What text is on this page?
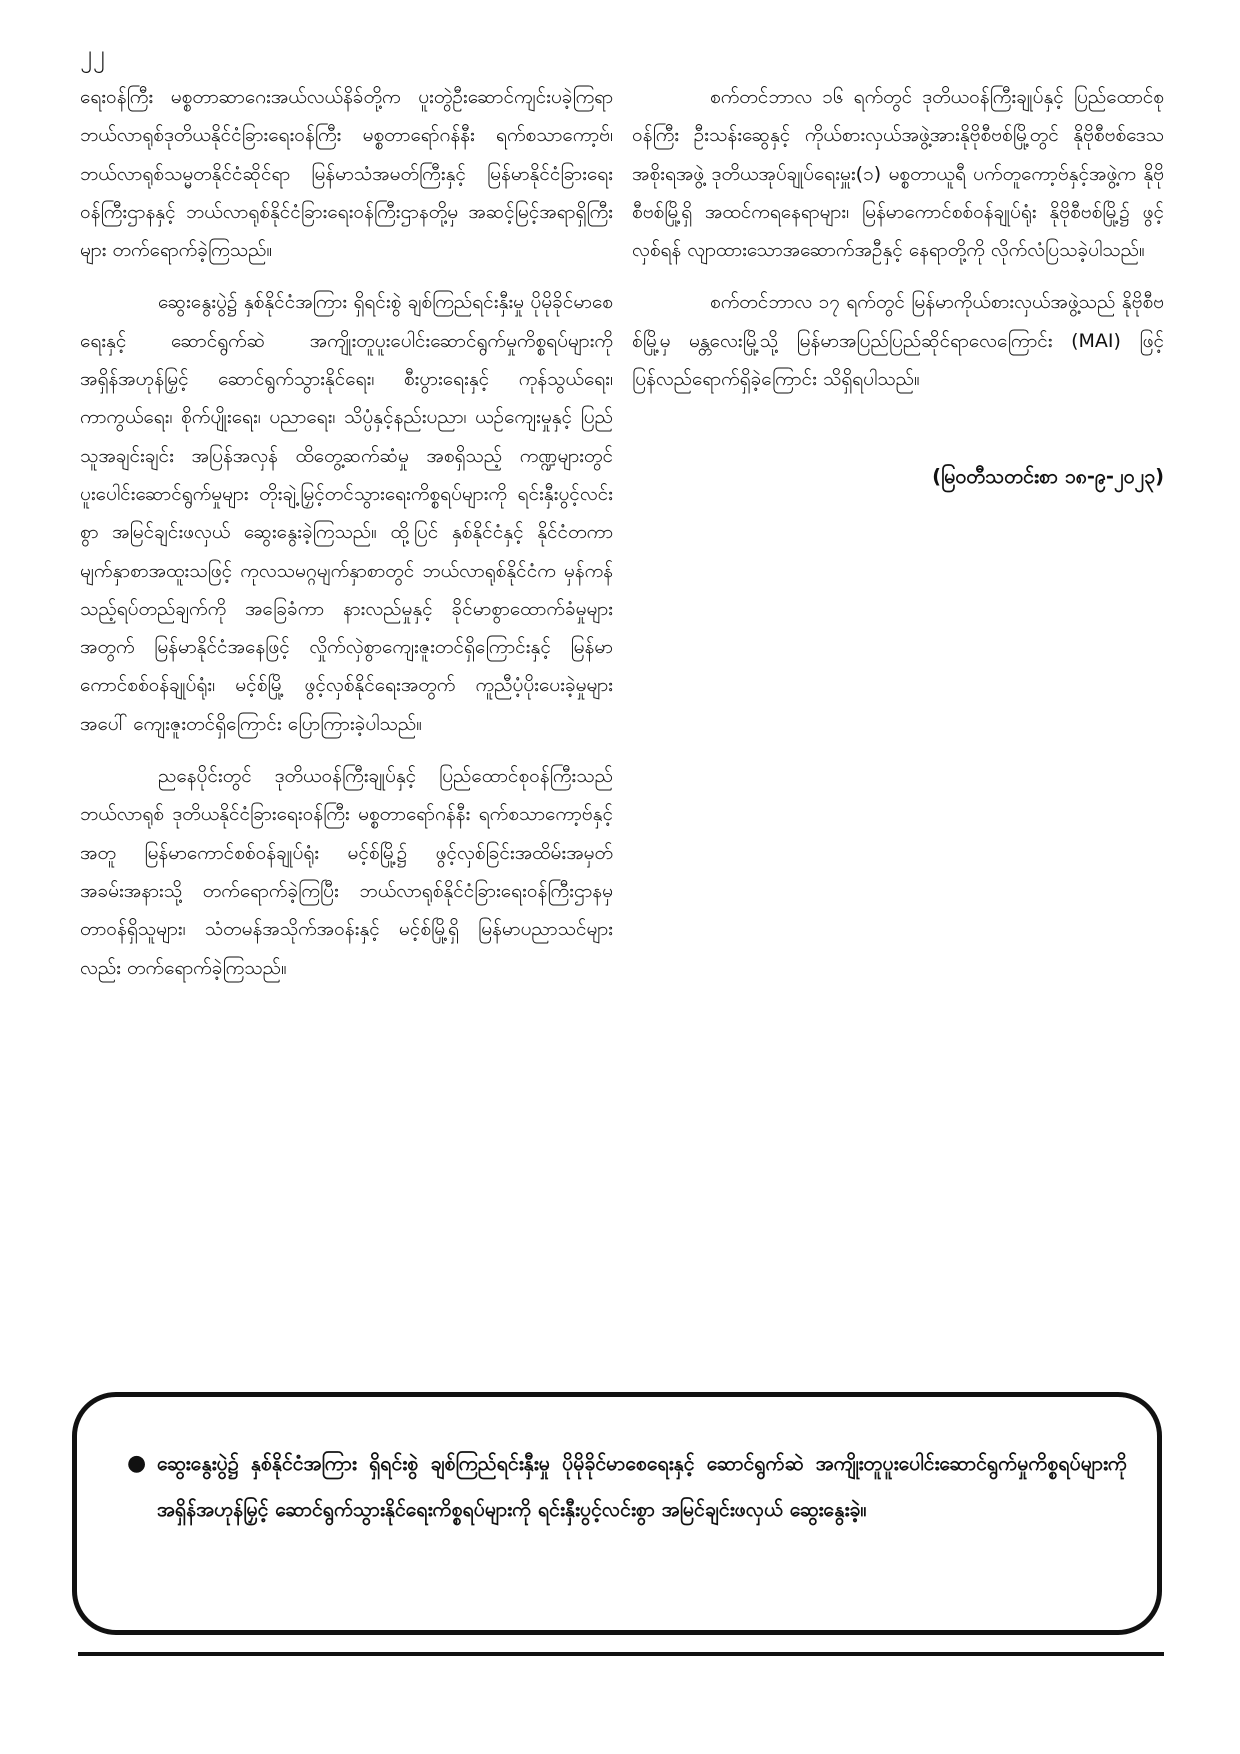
၂၂

ရေးဝန်ကြီး မစ္စတာဆာဂေးအယ်လယ်နိခ်တို့က ပူးတွဲဦးဆောင်ကျင်းပခဲ့ကြရာ ဘယ်လာရုစ်ဒုတိယနိုင်ငံခြားရေးဝန်ကြီး မစ္စတာရော်ဂန်နီး ရက်စသာကော့ဗ်၊ ဘယ်လာရုစ်သမ္မတနိုင်ငံဆိုင်ရာ မြန်မာသံအမတ်ကြီးနှင့် မြန်မာနိုင်ငံခြားရေးဝန်ကြီးဌာနနှင့် ဘယ်လာရုစ်နိုင်ငံခြားရေးဝန်ကြီးဌာနတို့မှ အဆင့်မြင့်အရာရှိကြီးများ တက်ရောက်ခဲ့ကြသည်။

ဆွေးနွေးပွဲ၌ နှစ်နိုင်ငံအကြား ရှိရင်းစွဲ ချစ်ကြည်ရင်းနှီးမှု ပိုမိုခိုင်မာစေရေးနှင့် ဆောင်ရွက်ဆဲ အကျိုးတူပူးပေါင်းဆောင်ရွက်မှုကိစ္စရပ်များကို အရှိန်အဟုန်မြှင့် ဆောင်ရွက်သွားနိုင်ရေး၊ စီးပွားရေးနှင့် ကုန်သွယ်ရေး၊ ကာကွယ်ရေး၊ စိုက်ပျိုးရေး၊ ပညာရေး၊ သိပ္ပံနှင့်နည်းပညာ၊ ယဉ်ကျေးမှုနှင့် ပြည်သူအချင်းချင်း အပြန်အလှန် ထိတွေ့ဆက်ဆံမှု အစရှိသည့် ကဏ္ဍများတွင် ပူးပေါင်းဆောင်ရွက်မှုများ တိုးချဲ့မြှင့်တင်သွားရေးကိစ္စရပ်များကို ရင်းနှီးပွင့်လင်းစွာ အမြင်ချင်းဖလှယ် ဆွေးနွေးခဲ့ကြသည်။ ထို့ပြင် နှစ်နိုင်ငံနှင့် နိုင်ငံတကာမျက်နှာစာအထူးသဖြင့် ကုလသမဂ္ဂမျက်နှာစာတွင် ဘယ်လာရုစ်နိုင်ငံက မှန်ကန်သည့်ရပ်တည်ချက်ကို အခြေခံကာ နားလည်မှုနှင့် ခိုင်မာစွာထောက်ခံမှုများအတွက် မြန်မာနိုင်ငံအနေဖြင့် လှိုက်လှဲစွာကျေးဇူးတင်ရှိကြောင်းနှင့် မြန်မာကောင်စစ်ဝန်ချုပ်ရုံး၊ မင့်စ်မြို့ ဖွင့်လှစ်နိုင်ရေးအတွက် ကူညီပံ့ပိုးပေးခဲ့မှုများအပေါ် ကျေးဇူးတင်ရှိကြောင်း ပြောကြားခဲ့ပါသည်။

ညနေပိုင်းတွင် ဒုတိယဝန်ကြီးချုပ်နှင့် ပြည်ထောင်စုဝန်ကြီးသည် ဘယ်လာရုစ် ဒုတိယနိုင်ငံခြားရေးဝန်ကြီး မစ္စတာရော်ဂန်နီး ရက်စသာကော့ဗ်နှင့်အတူ မြန်မာကောင်စစ်ဝန်ချုပ်ရုံး မင့်စ်မြို့၌ ဖွင့်လှစ်ခြင်းအထိမ်းအမှတ်အခမ်းအနားသို့ တက်ရောက်ခဲ့ကြပြီး ဘယ်လာရုစ်နိုင်ငံခြားရေးဝန်ကြီးဌာနမှ တာဝန်ရှိသူများ၊ သံတမန်အသိုက်အဝန်းနှင့် မင့်စ်မြို့ရှိ မြန်မာပညာသင်များလည်း တက်ရောက်ခဲ့ကြသည်။

စက်တင်ဘာလ ၁၆ ရက်တွင် ဒုတိယဝန်ကြီးချုပ်နှင့် ပြည်ထောင်စုဝန်ကြီး ဦးသန်းဆွေနှင့် ကိုယ်စားလှယ်အဖွဲ့အားနိုဗိုစီဗစ်မြို့တွင် နိုဗိုစီဗစ်ဒေသအစိုးရအဖွဲ့ ဒုတိယအုပ်ချုပ်ရေးမှူး(၁) မစ္စတာယူရီ ပက်တူကော့ဗ်နှင့်အဖွဲ့က နိုဗိုစီဗစ်မြို့ရှိ အထင်ကရနေရာများ၊ မြန်မာကောင်စစ်ဝန်ချုပ်ရုံး နိုဗိုစီဗစ်မြို့၌ ဖွင့်လှစ်ရန် လျာထားသောအဆောက်အဦနှင့် နေရာတို့ကို လိုက်လံပြသခဲ့ပါသည်။

စက်တင်ဘာလ ၁၇ ရက်တွင် မြန်မာကိုယ်စားလှယ်အဖွဲ့သည် နိုဗိုစီဗစ်မြို့မှ မန္တလေးမြို့သို့ မြန်မာအပြည်ပြည်ဆိုင်ရာလေကြောင်း (MAI) ဖြင့် ပြန်လည်ရောက်ရှိခဲ့ကြောင်း သိရှိရပါသည်။

(မြဝတီသတင်းစာ ၁၈-၉-၂၀၂၃)
● ဆွေးနွေးပွဲ၌ နှစ်နိုင်ငံအကြား ရှိရင်းစွဲ ချစ်ကြည်ရင်းနှီးမှု ပိုမိုခိုင်မာစေရေးနှင့် ဆောင်ရွက်ဆဲ အကျိုးတူပူးပေါင်းဆောင်ရွက်မှုကိစ္စရပ်များကို အရှိန်အဟုန်မြှင့် ဆောင်ရွက်သွားနိုင်ရေးကိစ္စရပ်များကို ရင်းနှီးပွင့်လင်းစွာ အမြင်ချင်းဖလှယ် ဆွေးနွေးခဲ့။
